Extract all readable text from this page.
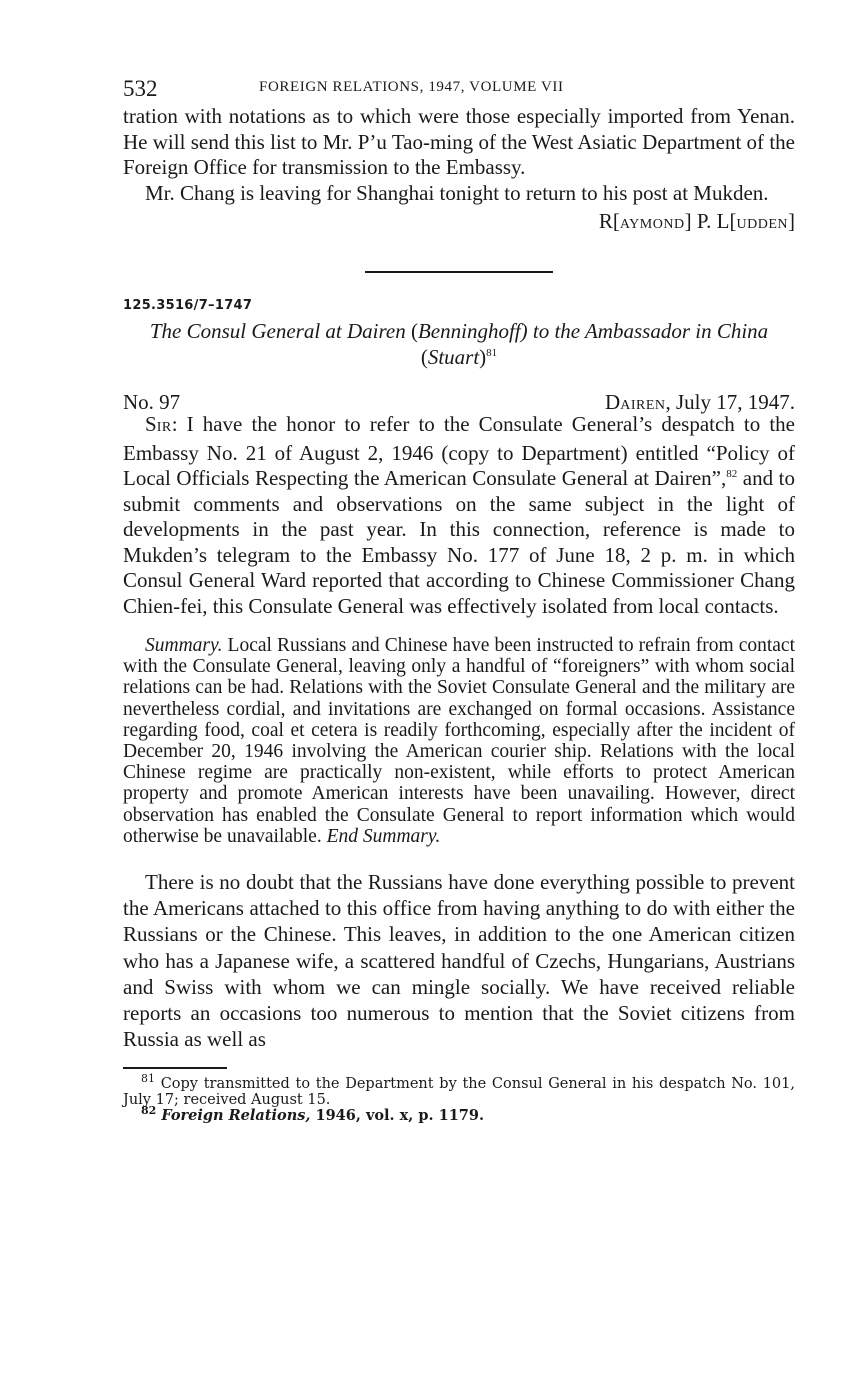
532	FOREIGN RELATIONS, 1947, VOLUME VII

tration with notations as to which were those especially imported from Yenan. He will send this list to Mr. P’u Tao-ming of the West Asiatic Department of the Foreign Office for transmission to the Embassy.

Mr. Chang is leaving for Shanghai tonight to return to his post at Mukden.

R[AYMOND] P. L[UDDEN]
125.3516/7–1747
The Consul General at Dairen (Benninghoff) to the Ambassador in China (Stuart)$^{81}$
No. 97	DAIREN, July 17, 1947.

SIR: I have the honor to refer to the Consulate General’s despatch to the Embassy No. 21 of August 2, 1946 (copy to Department) entitled “Policy of Local Officials Respecting the American Consulate General at Dairen”,$^{82}$ and to submit comments and observations on the same subject in the light of developments in the past year. In this connection, reference is made to Mukden’s telegram to the Embassy No. 177 of June 18, 2 p. m. in which Consul General Ward reported that according to Chinese Commissioner Chang Chien-fei, this Consulate General was effectively isolated from local contacts.

Summary. Local Russians and Chinese have been instructed to refrain from contact with the Consulate General, leaving only a handful of “foreigners” with whom social relations can be had. Relations with the Soviet Consulate General and the military are nevertheless cordial, and invitations are exchanged on formal occasions. Assistance regarding food, coal et cetera is readily forthcoming, especially after the incident of December 20, 1946 involving the American courier ship. Relations with the local Chinese regime are practically non-existent, while efforts to protect American property and promote American interests have been unavailing. However, direct observation has enabled the Consulate General to report information which would otherwise be unavailable. End Summary.

There is no doubt that the Russians have done everything possible to prevent the Americans attached to this office from having anything to do with either the Russians or the Chinese. This leaves, in addition to the one American citizen who has a Japanese wife, a scattered handful of Czechs, Hungarians, Austrians and Swiss with whom we can mingle socially. We have received reliable reports an occasions too numerous to mention that the Soviet citizens from Russia as well as

$^{81}$ Copy transmitted to the Department by the Consul General in his despatch No. 101, July 17; received August 15.

$^{82}$ Foreign Relations, 1946, vol. x, p. 1179.
